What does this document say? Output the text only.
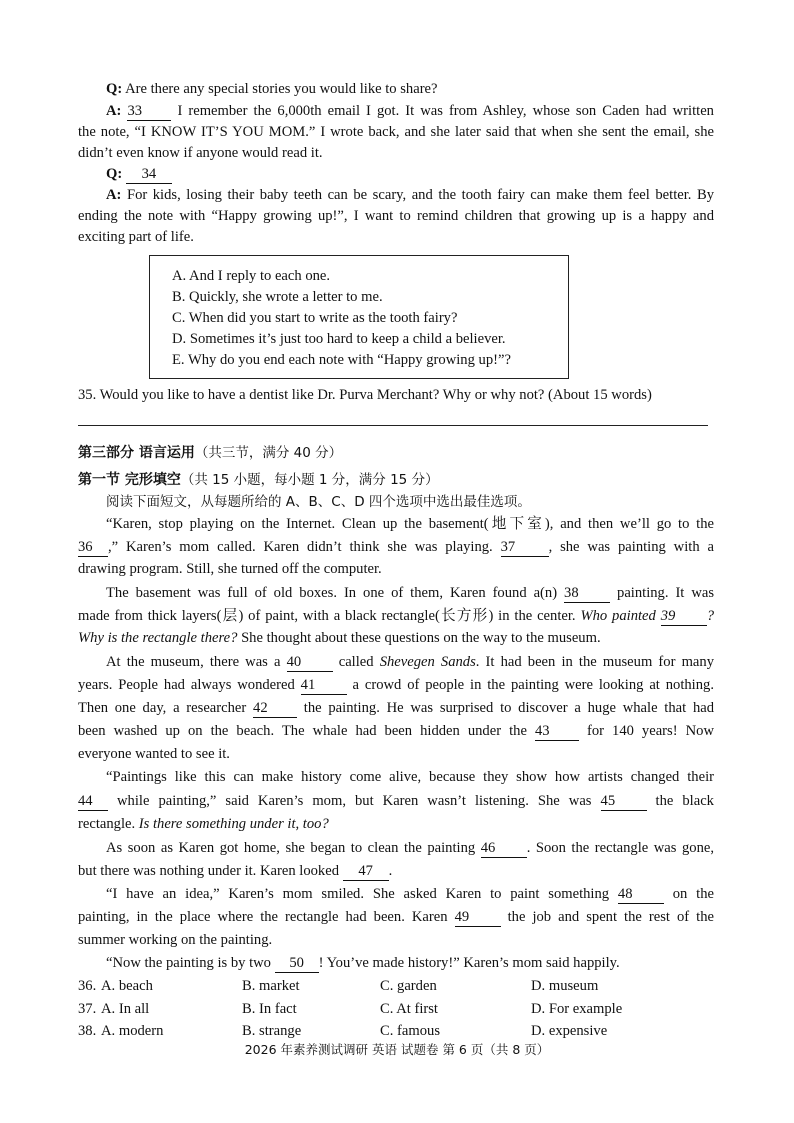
Q: Are there any special stories you would like to share?
A: 33 I remember the 6,000th email I got. It was from Ashley, whose son Caden had written
the note, “I KNOW IT’S YOU MOM.” I wrote back, and she later said that when she sent the email, she
didn’t even know if anyone would read it.
Q: 34
A: For kids, losing their baby teeth can be scary, and the tooth fairy can make them feel better. By
ending the note with “Happy growing up!”, I want to remind children that growing up is a happy and
exciting part of life.
A. And I reply to each one.
B. Quickly, she wrote a letter to me.
C. When did you start to write as the tooth fairy?
D. Sometimes it’s just too hard to keep a child a believer.
E. Why do you end each note with “Happy growing up!”?
35. Would you like to have a dentist like Dr. Purva Merchant? Why or why not? (About 15 words)
第三部分 语言运用（共三节，满分 40 分）
第一节 完形填空（共 15 小题，每小题 1 分，满分 15 分）
阅读下面短文，从每题所给的 A、B、C、D 四个选项中选出最佳选项。
“Karen, stop playing on the Internet. Clean up the basement(地下室), and then we’ll go to the
36 ,” Karen’s mom called. Karen didn’t think she was playing. 37 , she was painting with a
drawing program. Still, she turned off the computer.
The basement was full of old boxes. In one of them, Karen found a(n) 38	painting. It was
made from thick layers(层) of paint, with a black rectangle(长方形) in the center. Who painted 39 ?
Why is the rectangle there? She thought about these questions on the way to the museum.
At the museum, there was a 40	called Shevegen Sands. It had been in the museum for many
years. People had always wondered 41	a crowd of people in the painting were looking at nothing.
Then one day, a researcher 42 the painting. He was surprised to discover a huge whale that had
been washed up on the beach. The whale had been hidden under the 43	for 140 years! Now
everyone wanted to see it.
“Paintings like this can make history come alive, because they show how artists changed their
44 while painting,” said Karen’s mom, but Karen wasn’t listening. She was 45	the black
rectangle. Is there something under it, too?
As soon as Karen got home, she began to clean the painting 46 . Soon the rectangle was gone,
but there was nothing under it. Karen looked 47 .
“I have an idea,” Karen’s mom smiled. She asked Karen to paint something 48	on the
painting, in the place where the rectangle had been. Karen 49	the job and spent the rest of the
summer working on the painting.
“Now the painting is by two 50 ! You’ve made history!” Karen’s mom said happily.
36. A. beach	B. market	C. garden	D. museum
37. A. In all	B. In fact	C. At first	D. For example
38. A. modern	B. strange	C. famous	D. expensive
2026 年素养测试调研 英语 试题卷 第 6 页（共 8 页）
